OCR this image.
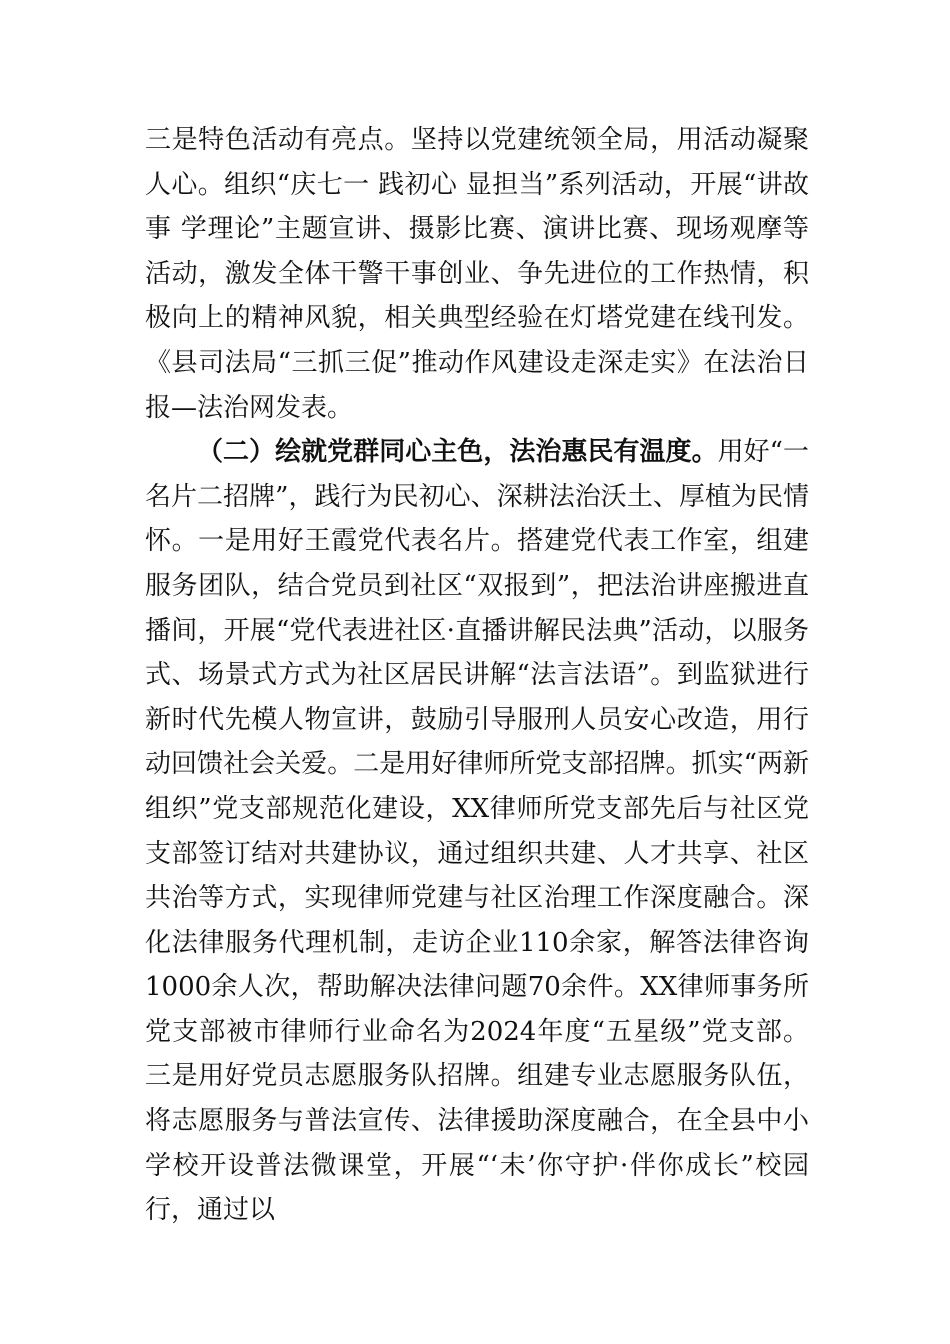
三是特色活动有亮点。坚持以党建统领全局，用活动凝聚人心。组织“庆七一 践初心 显担当”系列活动，开展“讲故事 学理论”主题宣讲、摄影比赛、演讲比赛、现场观摩等活动，激发全体干警干事创业、争先进位的工作热情，积极向上的精神风貌，相关典型经验在灯塔党建在线刊发。《县司法局“三抓三促”推动作风建设走深走实》在法治日报—法治网发表。

（二）绘就党群同心主色，法治惠民有温度。用好“一名片二招牌”，践行为民初心、深耕法治沃土、厚植为民情怀。一是用好王霞党代表名片。搭建党代表工作室，组建服务团队，结合党员到社区“双报到”，把法治讲座搬进直播间，开展“党代表进社区·直播讲解民法典”活动，以服务式、场景式方式为社区居民讲解“法言法语”。到监狱进行新时代先模人物宣讲，鼓励引导服刑人员安心改造，用行动回馈社会关爱。二是用好律师所党支部招牌。抓实“两新组织”党支部规范化建设，XX律师所党支部先后与社区党支部签订结对共建协议，通过组织共建、人才共享、社区共治等方式，实现律师党建与社区治理工作深度融合。深化法律服务代理机制，走访企业110余家，解答法律咨询1000余人次，帮助解决法律问题70余件。XX律师事务所党支部被市律师行业命名为2024年度“五星级”党支部。三是用好党员志愿服务队招牌。组建专业志愿服务队伍，将志愿服务与普法宣传、法律援助深度融合，在全县中小学校开设普法微课堂，开展“‘未’你守护·伴你成长”校园行，通过以
